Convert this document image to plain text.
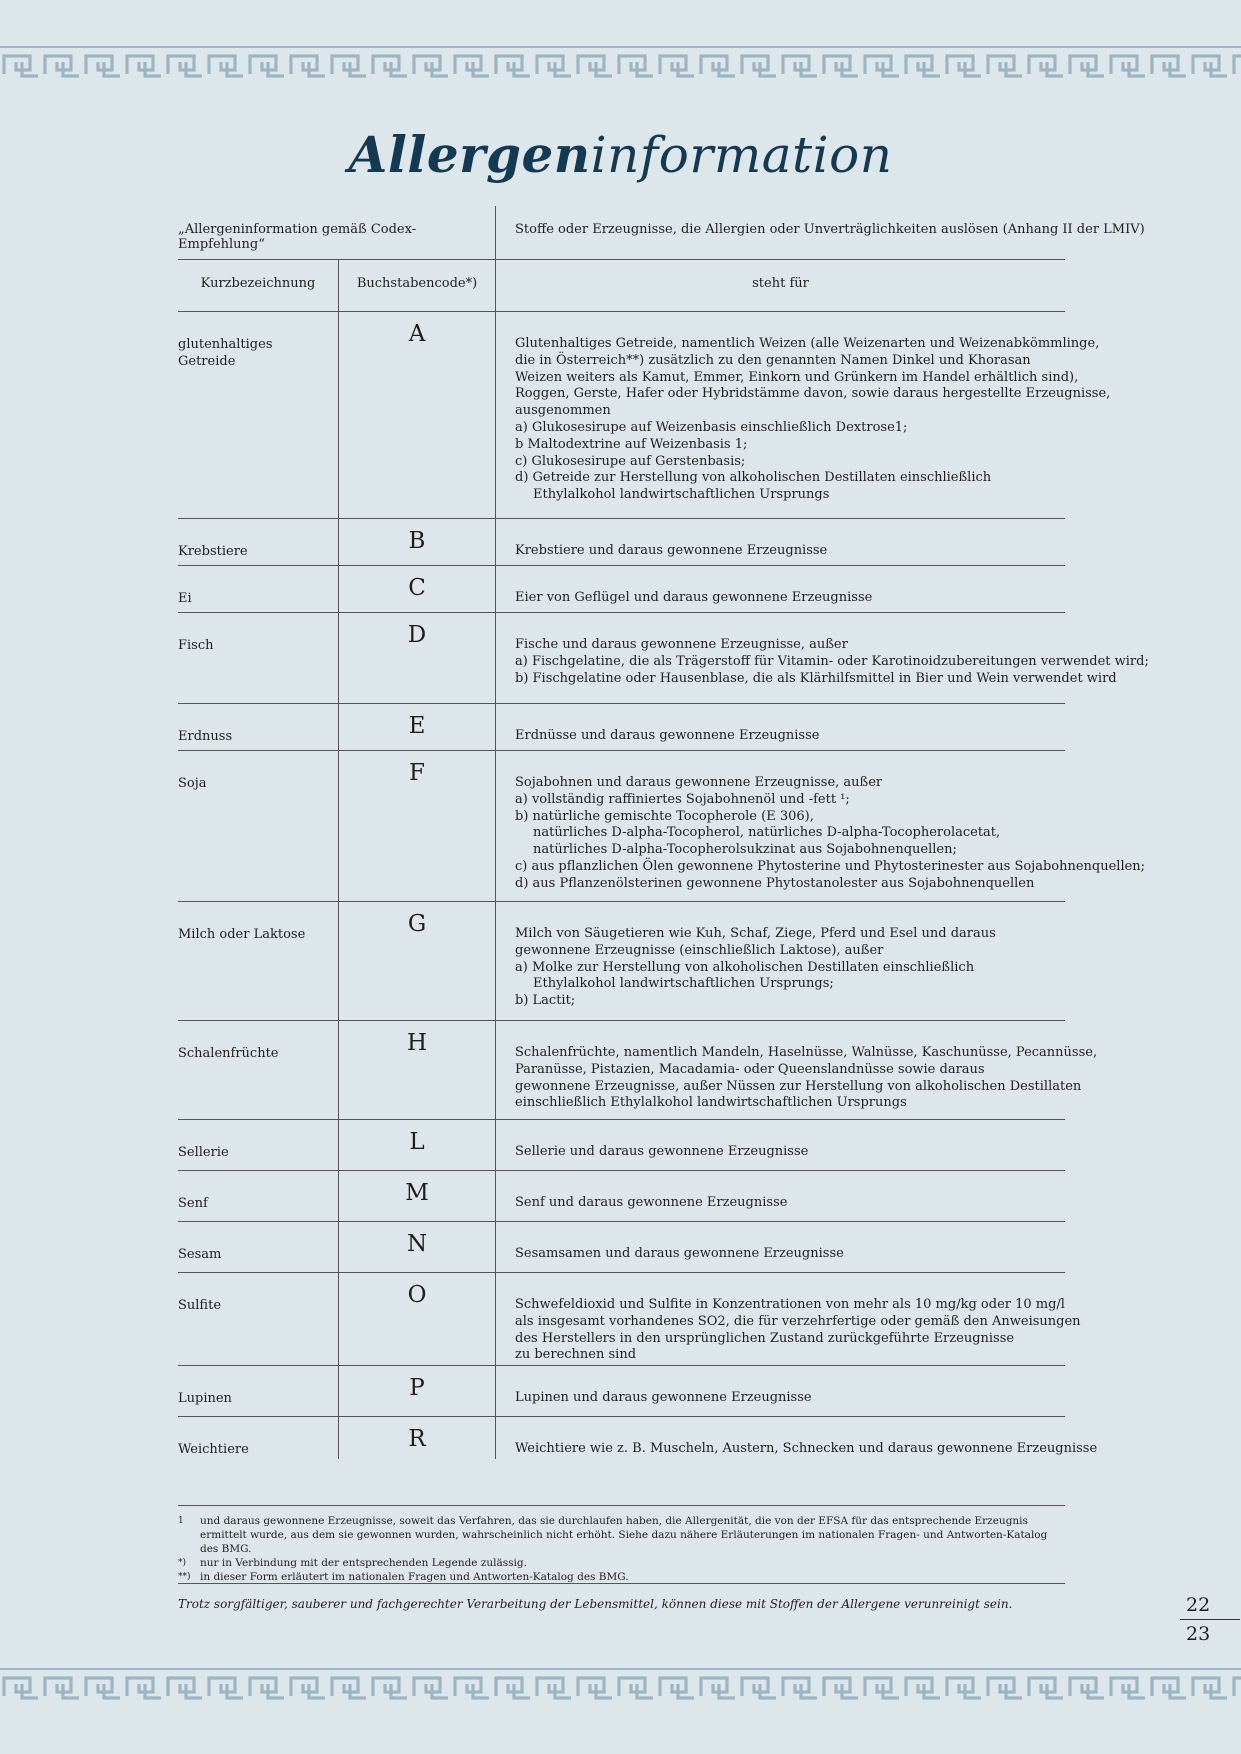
Allergeninformation
„Allergeninformation gemäß Codex-Empfehlung“
Stoffe oder Erzeugnisse, die Allergien oder Unverträglichkeiten auslösen (Anhang II der LMIV)
Kurzbezeichnung	Buchstabencode*)	steht für
glutenhaltiges
Getreide
A	Glutenhaltiges Getreide, namentlich Weizen (alle Weizenarten und Weizenabkömmlinge,
die in Österreich**) zusätzlich zu den genannten Namen Dinkel und Khorasan
Weizen weiters als Kamut, Emmer, Einkorn und Grünkern im Handel erhältlich sind),
Roggen, Gerste, Hafer oder Hybridstämme davon, sowie daraus hergestellte Erzeugnisse,
ausgenommen
a) Glukosesirupe auf Weizenbasis einschließlich Dextrose1;
b Maltodextrine auf Weizenbasis 1;
c) Glukosesirupe auf Gerstenbasis;
d) Getreide zur Herstellung von alkoholischen Destillaten einschließlich
Ethylalkohol landwirtschaftlichen Ursprungs
Krebstiere	B	Krebstiere und daraus gewonnene Erzeugnisse
Ei	C	Eier von Geflügel und daraus gewonnene Erzeugnisse
Fisch	D	Fische und daraus gewonnene Erzeugnisse, außer
a) Fischgelatine, die als Trägerstoff für Vitamin- oder Karotinoidzubereitungen verwendet wird;
b) Fischgelatine oder Hausenblase, die als Klärhilfsmittel in Bier und Wein verwendet wird
Erdnuss	E	Erdnüsse und daraus gewonnene Erzeugnisse
Soja	F	Sojabohnen und daraus gewonnene Erzeugnisse, außer
a) vollständig raffiniertes Sojabohnenöl und -fett ¹;
b) natürliche gemischte Tocopherole (E 306),
natürliches D-alpha-Tocopherol, natürliches D-alpha-Tocopherolacetat,
natürliches D-alpha-Tocopherolsukzinat aus Sojabohnenquellen;
c) aus pflanzlichen Ölen gewonnene Phytosterine und Phytosterinester aus Sojabohnenquellen;
d) aus Pflanzenölsterinen gewonnene Phytostanolester aus Sojabohnenquellen
Milch oder Laktose	G	Milch von Säugetieren wie Kuh, Schaf, Ziege, Pferd und Esel und daraus
gewonnene Erzeugnisse (einschließlich Laktose), außer
a) Molke zur Herstellung von alkoholischen Destillaten einschließlich
Ethylalkohol landwirtschaftlichen Ursprungs;
b) Lactit;
Schalenfrüchte	H	Schalenfrüchte, namentlich Mandeln, Haselnüsse, Walnüsse, Kaschunüsse, Pecannüsse,
Paranüsse, Pistazien, Macadamia- oder Queenslandnüsse sowie daraus
gewonnene Erzeugnisse, außer Nüssen zur Herstellung von alkoholischen Destillaten
einschließlich Ethylalkohol landwirtschaftlichen Ursprungs
Sellerie	L	Sellerie und daraus gewonnene Erzeugnisse
Senf	M	Senf und daraus gewonnene Erzeugnisse
Sesam	N	Sesamsamen und daraus gewonnene Erzeugnisse
Sulfite	O	Schwefeldioxid und Sulfite in Konzentrationen von mehr als 10 mg/kg oder 10 mg/l
als insgesamt vorhandenes SO2, die für verzehrfertige oder gemäß den Anweisungen
des Herstellers in den ursprünglichen Zustand zurückgeführte Erzeugnisse
zu berechnen sind
Lupinen	P	Lupinen und daraus gewonnene Erzeugnisse
Weichtiere	R	Weichtiere wie z. B. Muscheln, Austern, Schnecken und daraus gewonnene Erzeugnisse
1	und daraus gewonnene Erzeugnisse, soweit das Verfahren, das sie durchlaufen haben, die Allergenität, die von der EFSA für das entsprechende Erzeugnis ermittelt wurde, aus dem sie gewonnen wurden, wahrscheinlich nicht erhöht. Siehe dazu nähere Erläuterungen im nationalen Fragen- und Antworten-Katalog des BMG.
*)	nur in Verbindung mit der entsprechenden Legende zulässig.
**) in dieser Form erläutert im nationalen Fragen und Antworten-Katalog des BMG.
Trotz sorgfältiger, sauberer und fachgerechter Verarbeitung der Lebensmittel, können diese mit Stoffen der Allergene verunreinigt sein.	22
23
